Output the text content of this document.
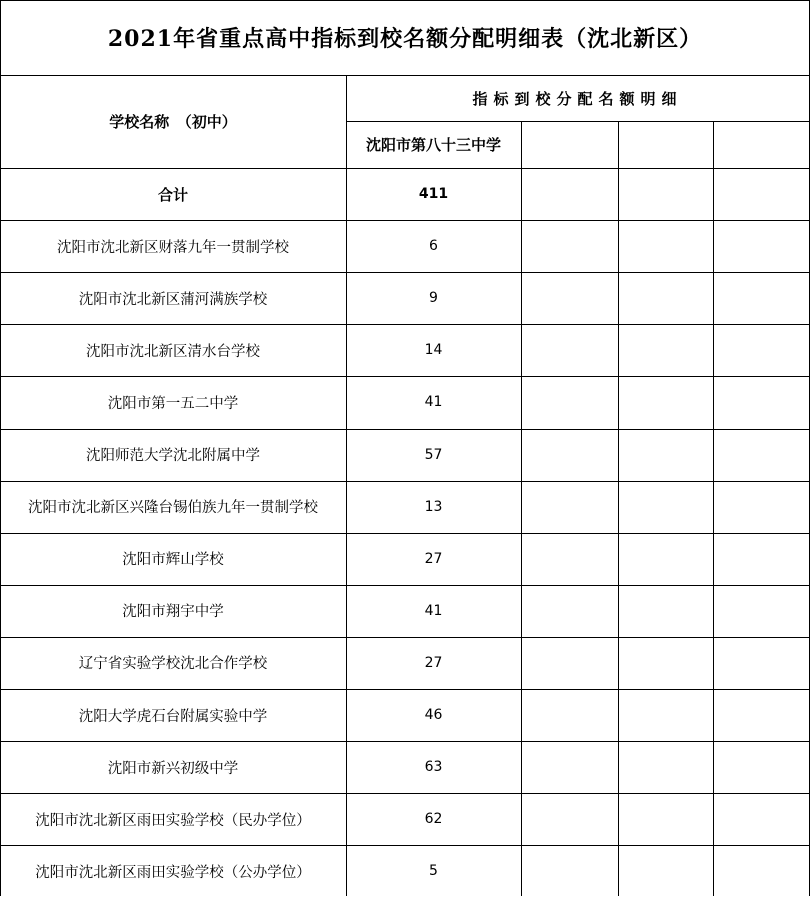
2021年省重点高中指标到校名额分配明细表（沈北新区）
学校名称　（初中）
指标到校分配名额明细
沈阳市第八十三中学
合计	411
沈阳市沈北新区财落九年一贯制学校	6
沈阳市沈北新区蒲河满族学校	9
沈阳市沈北新区清水台学校	14
沈阳市第一五二中学	41
沈阳师范大学沈北附属中学	57
沈阳市沈北新区兴隆台锡伯族九年一贯制学校	13
沈阳市辉山学校	27
沈阳市翔宇中学	41
辽宁省实验学校沈北合作学校	27
沈阳大学虎石台附属实验中学	46
沈阳市新兴初级中学	63
沈阳市沈北新区雨田实验学校（民办学位）	62
沈阳市沈北新区雨田实验学校（公办学位）	5
